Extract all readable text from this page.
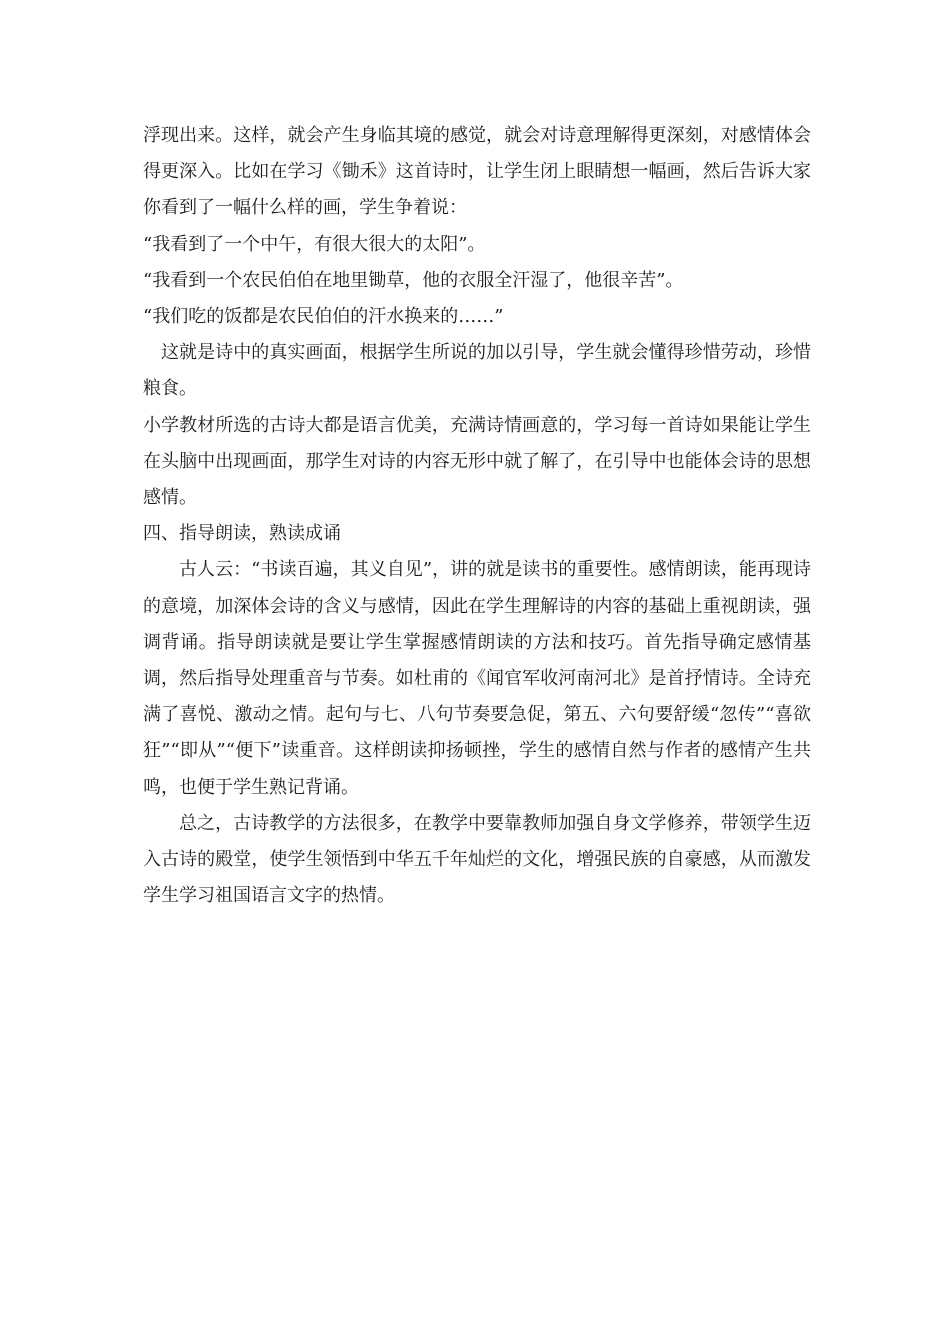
浮现出来。这样，就会产生身临其境的感觉，就会对诗意理解得更深刻，对感情体会得更深入。比如在学习《锄禾》这首诗时，让学生闭上眼睛想一幅画，然后告诉大家你看到了一幅什么样的画，学生争着说：

“我看到了一个中午，有很大很大的太阳”。

“我看到一个农民伯伯在地里锄草，他的衣服全汗湿了，他很辛苦”。

“我们吃的饭都是农民伯伯的汗水换来的……”

这就是诗中的真实画面，根据学生所说的加以引导，学生就会懂得珍惜劳动，珍惜粮食。

小学教材所选的古诗大都是语言优美，充满诗情画意的，学习每一首诗如果能让学生在头脑中出现画面，那学生对诗的内容无形中就了解了，在引导中也能体会诗的思想感情。

四、指导朗读，熟读成诵

古人云：“书读百遍，其义自见”，讲的就是读书的重要性。感情朗读，能再现诗的意境，加深体会诗的含义与感情，因此在学生理解诗的内容的基础上重视朗读，强调背诵。指导朗读就是要让学生掌握感情朗读的方法和技巧。首先指导确定感情基调，然后指导处理重音与节奏。如杜甫的《闻官军收河南河北》是首抒情诗。全诗充满了喜悦、激动之情。起句与七、八句节奏要急促，第五、六句要舒缓“忽传”“喜欲狂”“即从”“便下”读重音。这样朗读抑扬顿挫，学生的感情自然与作者的感情产生共鸣，也便于学生熟记背诵。

总之，古诗教学的方法很多，在教学中要靠教师加强自身文学修养，带领学生迈入古诗的殿堂，使学生领悟到中华五千年灿烂的文化，增强民族的自豪感，从而激发学生学习祖国语言文字的热情。
